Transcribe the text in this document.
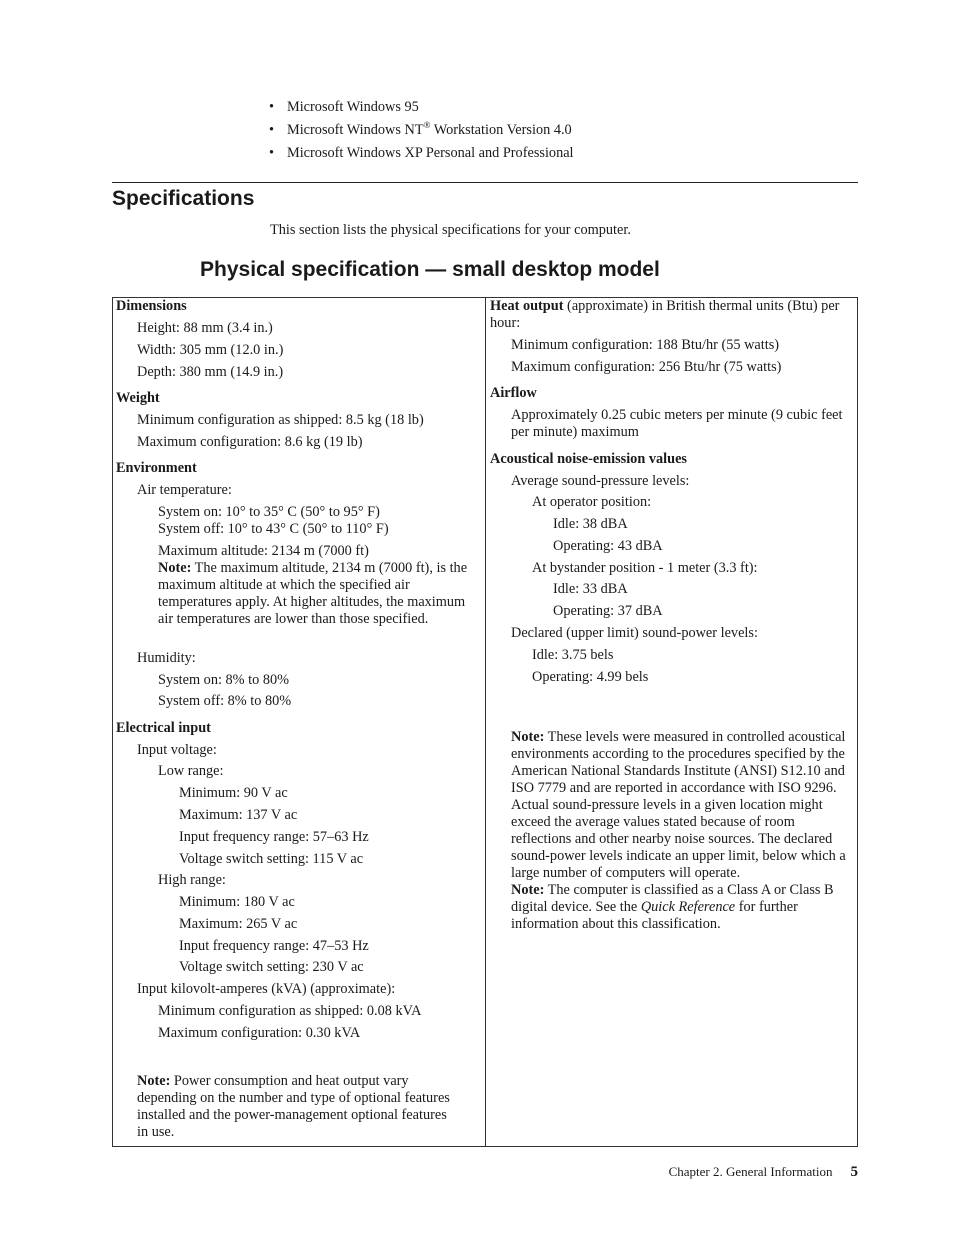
• Microsoft Windows 95
• Microsoft Windows NT® Workstation Version 4.0
• Microsoft Windows XP Personal and Professional
Specifications
This section lists the physical specifications for your computer.
Physical specification — small desktop model
Dimensions
Height: 88 mm (3.4 in.)
Width: 305 mm (12.0 in.)
Depth: 380 mm (14.9 in.)
Weight
Minimum configuration as shipped: 8.5 kg (18 lb)
Maximum configuration: 8.6 kg (19 lb)
Environment
Air temperature:
System on: 10° to 35° C (50° to 95° F)
System off: 10° to 43° C (50° to 110° F)
Maximum altitude: 2134 m (7000 ft)
Note: The maximum altitude, 2134 m (7000 ft), is the maximum altitude at which the specified air temperatures apply. At higher altitudes, the maximum air temperatures are lower than those specified.
Humidity:
System on: 8% to 80%
System off: 8% to 80%
Electrical input
Input voltage:
Low range:
Minimum: 90 V ac
Maximum: 137 V ac
Input frequency range: 57–63 Hz
Voltage switch setting: 115 V ac
High range:
Minimum: 180 V ac
Maximum: 265 V ac
Input frequency range: 47–53 Hz
Voltage switch setting: 230 V ac
Input kilovolt-amperes (kVA) (approximate):
Minimum configuration as shipped: 0.08 kVA
Maximum configuration: 0.30 kVA
Note: Power consumption and heat output vary depending on the number and type of optional features installed and the power-management optional features in use.
Heat output (approximate) in British thermal units (Btu) per hour:
Minimum configuration: 188 Btu/hr (55 watts)
Maximum configuration: 256 Btu/hr (75 watts)
Airflow
Approximately 0.25 cubic meters per minute (9 cubic feet per minute) maximum
Acoustical noise-emission values
Average sound-pressure levels:
At operator position:
Idle: 38 dBA
Operating: 43 dBA
At bystander position - 1 meter (3.3 ft):
Idle: 33 dBA
Operating: 37 dBA
Declared (upper limit) sound-power levels:
Idle: 3.75 bels
Operating: 4.99 bels
Note: These levels were measured in controlled acoustical environments according to the procedures specified by the American National Standards Institute (ANSI) S12.10 and ISO 7779 and are reported in accordance with ISO 9296. Actual sound-pressure levels in a given location might exceed the average values stated because of room reflections and other nearby noise sources. The declared sound-power levels indicate an upper limit, below which a large number of computers will operate.
Note: The computer is classified as a Class A or Class B digital device. See the Quick Reference for further information about this classification.
Chapter 2. General Information 5
